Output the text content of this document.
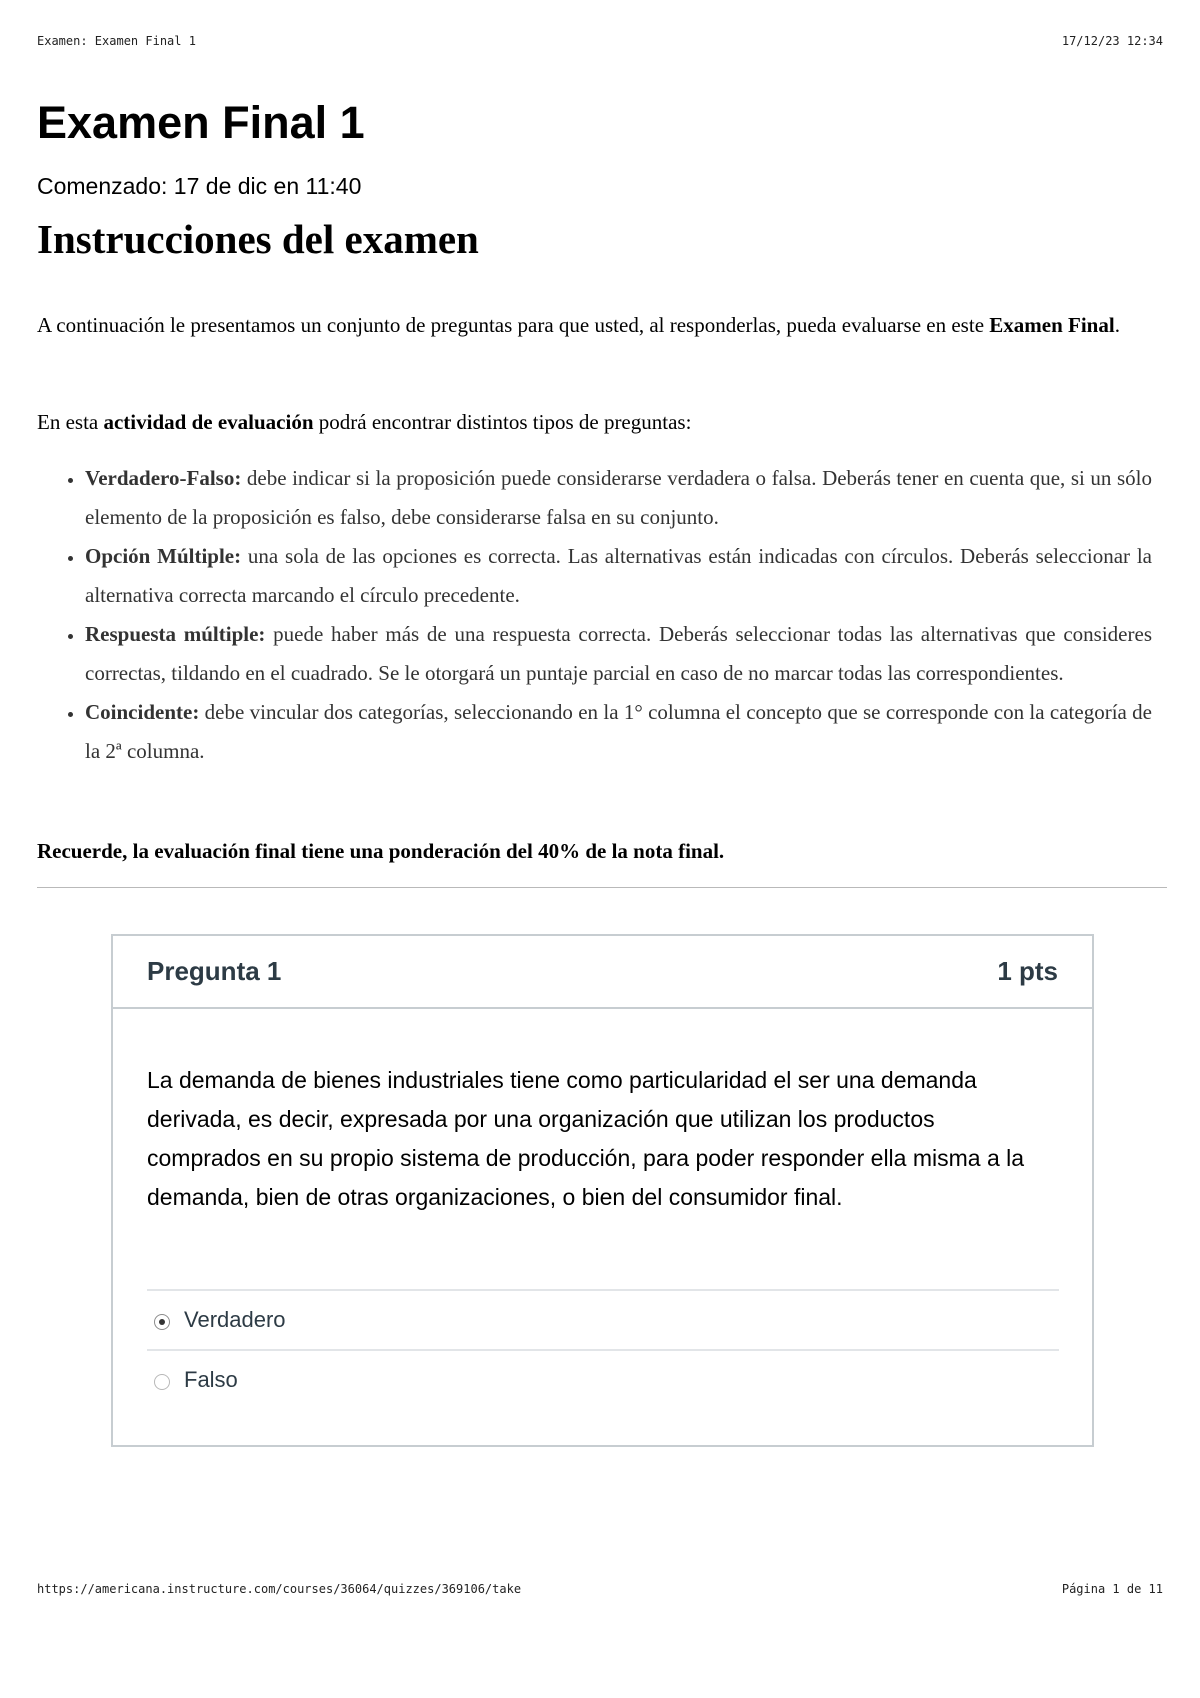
Examen: Examen Final 1	17/12/23 12:34
Examen Final 1

Comenzado: 17 de dic en 11:40

Instrucciones del examen

A continuación le presentamos un conjunto de preguntas para que usted, al responderlas, pueda evaluarse en este Examen Final.

En esta actividad de evaluación podrá encontrar distintos tipos de preguntas:

• Verdadero-Falso: debe indicar si la proposición puede considerarse verdadera o falsa. Deberás tener en cuenta que, si un sólo elemento de la proposición es falso, debe considerarse falsa en su conjunto.
• Opción Múltiple: una sola de las opciones es correcta. Las alternativas están indicadas con círculos. Deberás seleccionar la alternativa correcta marcando el círculo precedente.
• Respuesta múltiple: puede haber más de una respuesta correcta. Deberás seleccionar todas las alternativas que consideres correctas, tildando en el cuadrado. Se le otorgará un puntaje parcial en caso de no marcar todas las correspondientes.
• Coincidente: debe vincular dos categorías, seleccionando en la 1° columna el concepto que se corresponde con la categoría de la 2ª columna.

Recuerde, la evaluación final tiene una ponderación del 40% de la nota final.

Pregunta 1	1 pts
La demanda de bienes industriales tiene como particularidad el ser una demanda derivada, es decir, expresada por una organización que utilizan los productos comprados en su propio sistema de producción, para poder responder ella misma a la demanda, bien de otras organizaciones, o bien del consumidor final.
Verdadero
Falso
https://americana.instructure.com/courses/36064/quizzes/369106/take	Página 1 de 11
